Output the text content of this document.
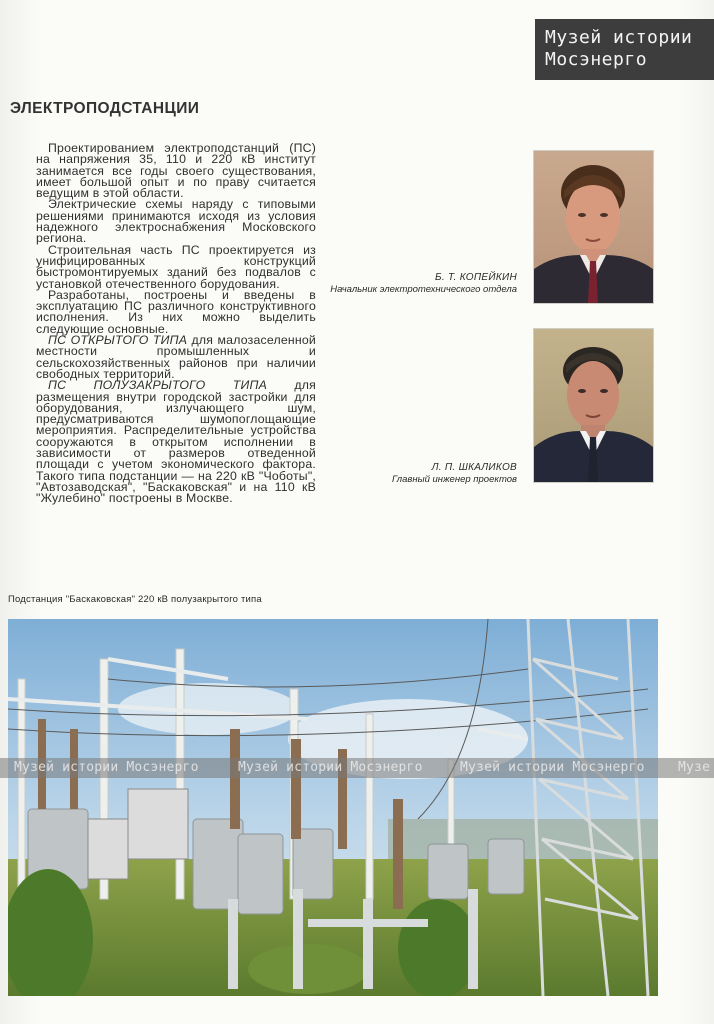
Музей истории
Мосэнерго
ЭЛЕКТРОПОДСТАНЦИИ

Проектированием электроподстанций (ПС) на напряжения 35, 110 и 220 кВ институт занимается все годы своего существования, имеет большой опыт и по праву считается ведущим в этой области.

Электрические схемы наряду с типовыми решениями принимаются исходя из условия надежного электроснабжения Московского региона.

Строительная часть ПС проектируется из унифицированных конструкций быстромонтируемых зданий без подвалов с установкой отечественного борудования.

Разработаны, построены и введены в эксплуатацию ПС различного конструктивного исполнения. Из них можно выделить следующие основные.

ПС ОТКРЫТОГО ТИПА для малозаселенной местности промышленных и сельскохозяйственных районов при наличии свободных территорий.

ПС ПОЛУЗАКРЫТОГО ТИПА для размещения внутри городской застройки для оборудования, излучающего шум, предусматриваются шумопоглощающие мероприятия. Распределительные устройства сооружаются в открытом исполнении в зависимости от размеров отведенной площади с учетом экономического фактора. Такого типа подстанции — на 220 кВ "Чоботы", "Автозаводская", "Баскаковская" и на 110 кВ "Жулебино" построены в Москве.

Б. Т. КОПЕЙКИН
Начальник электротехнического отдела
Л. П. ШКАЛИКОВ
Главный инженер проектов

Подстанция "Баскаковская" 220 кВ полузакрытого типа

Музей истории Мосэнерго	Музей истории Мосэнерго	Музей истории Мосэнерго	Музе
